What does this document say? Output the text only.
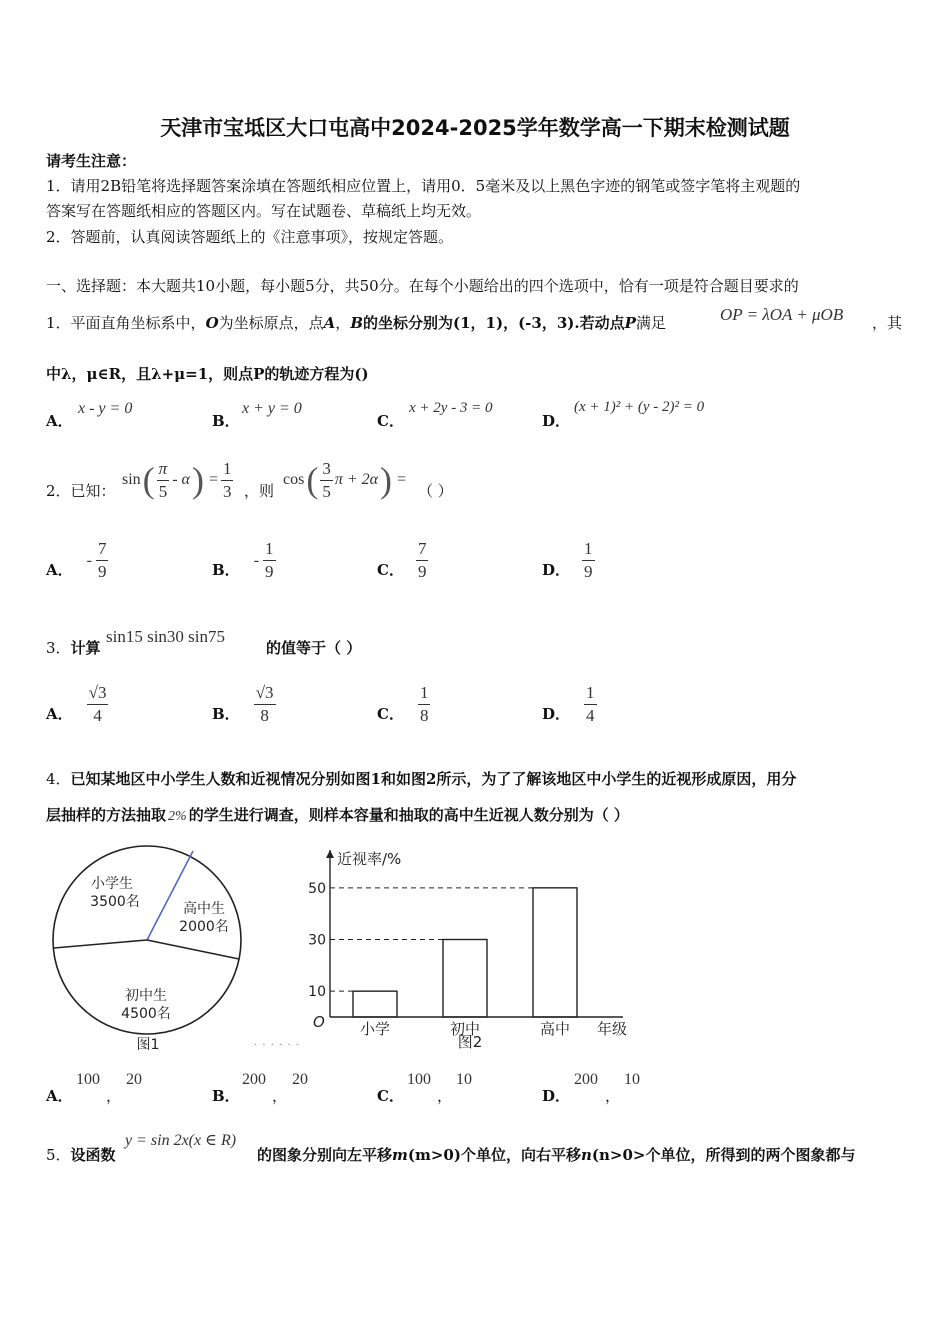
天津市宝坻区大口屯高中2024-2025学年数学高一下期末检测试题
请考生注意：
1．请用2B铅笔将选择题答案涂填在答题纸相应位置上，请用0．5毫米及以上黑色字迹的钢笔或签字笔将主观题的
答案写在答题纸相应的答题区内。写在试题卷、草稿纸上均无效。
2．答题前，认真阅读答题纸上的《注意事项》，按规定答题。
一、选择题：本大题共10小题，每小题5分，共50分。在每个小题给出的四个选项中，恰有一项是符合题目要求的
1．平面直角坐标系中，O为坐标原点，点A，B的坐标分别为(1，1)，(-3，3).若动点P满足	OP = λOA + μOB ，其
中λ，μ∈R，且λ+μ=1，则点P的轨迹方程为()
A．
x - y = 0
B．
x + y = 0
C．
x + 2y - 3 = 0
D．
(x + 1)² + (y - 2)² = 0
2．已知：
sin ( $\frac{\pi}{5}$ - α ) = $\frac{1}{3}$ ，则
cos ( $\frac{3}{5}$ π + 2α ) =
（ ）
A．
- $\frac{7}{9}$	B．
- $\frac{1}{9}$	C． $\frac{7}{9}$	D． $\frac{1}{9}$
3．计算
sin15 sin30 sin75
的值等于（ ）
A． $\frac{√3}{4}$	B． $\frac{√3}{8}$	C． $\frac{1}{8}$	D． $\frac{1}{4}$
4．已知某地区中小学生人数和近视情况分别如图1和如图2所示，为了了解该地区中小学生的近视形成原因，用分
层抽样的方法抽取 2% 的学生进行调查，则样本容量和抽取的高中生近视人数分别为（ ）
小学生
3500名	高中生
2000名
初中生
4500名
图1	· · · · · ·
近视率/%
O	年级
图2
10
小学
30
初中
50
高中
A．
100
，
20
B．
200
，
20
C．
100
，
10
D．
200
，
10
5．设函数
y = sin 2x(x ∈ R)
的图象分别向左平移m(m>0)个单位，向右平移n(n>0>个单位，所得到的两个图象都与
